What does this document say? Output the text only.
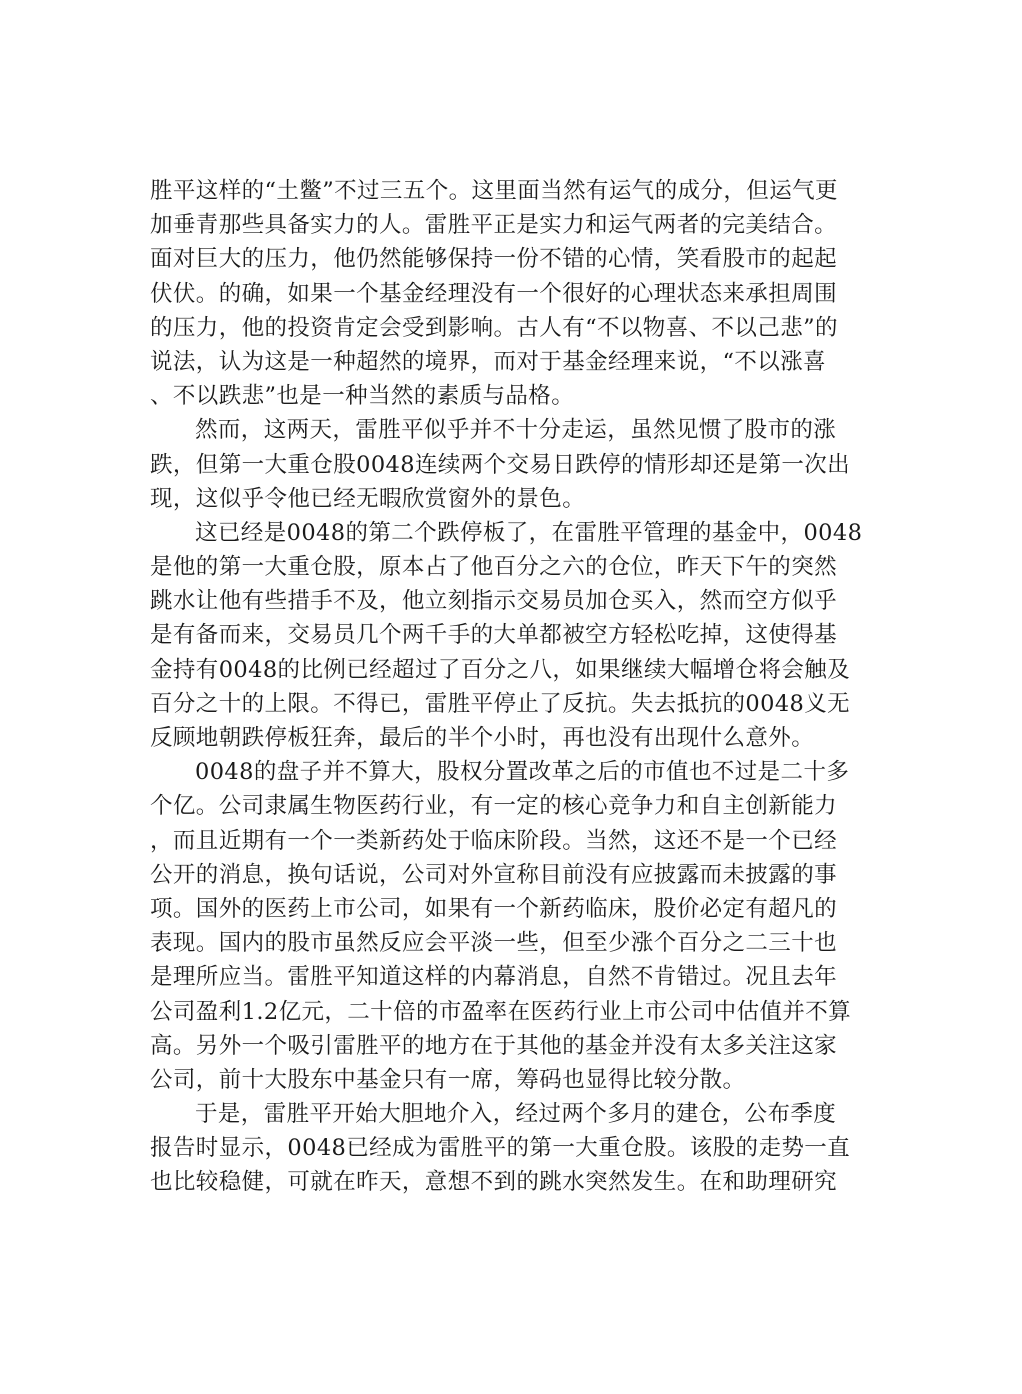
胜平这样的“土鳖”不过三五个。这里面当然有运气的成分，但运气更
加垂青那些具备实力的人。雷胜平正是实力和运气两者的完美结合。
面对巨大的压力，他仍然能够保持一份不错的心情，笑看股市的起起
伏伏。的确，如果一个基金经理没有一个很好的心理状态来承担周围
的压力，他的投资肯定会受到影响。古人有“不以物喜、不以己悲”的
说法，认为这是一种超然的境界，而对于基金经理来说，“不以涨喜
、不以跌悲”也是一种当然的素质与品格。
然而，这两天，雷胜平似乎并不十分走运，虽然见惯了股市的涨
跌，但第一大重仓股0048连续两个交易日跌停的情形却还是第一次出
现，这似乎令他已经无暇欣赏窗外的景色。
这已经是0048的第二个跌停板了，在雷胜平管理的基金中，0048
是他的第一大重仓股，原本占了他百分之六的仓位，昨天下午的突然
跳水让他有些措手不及，他立刻指示交易员加仓买入，然而空方似乎
是有备而来，交易员几个两千手的大单都被空方轻松吃掉，这使得基
金持有0048的比例已经超过了百分之八，如果继续大幅增仓将会触及
百分之十的上限。不得已，雷胜平停止了反抗。失去抵抗的0048义无
反顾地朝跌停板狂奔，最后的半个小时，再也没有出现什么意外。
0048的盘子并不算大，股权分置改革之后的市值也不过是二十多
个亿。公司隶属生物医药行业，有一定的核心竞争力和自主创新能力
，而且近期有一个一类新药处于临床阶段。当然，这还不是一个已经
公开的消息，换句话说，公司对外宣称目前没有应披露而未披露的事
项。国外的医药上市公司，如果有一个新药临床，股价必定有超凡的
表现。国内的股市虽然反应会平淡一些，但至少涨个百分之二三十也
是理所应当。雷胜平知道这样的内幕消息，自然不肯错过。况且去年
公司盈利1.2亿元，二十倍的市盈率在医药行业上市公司中估值并不算
高。另外一个吸引雷胜平的地方在于其他的基金并没有太多关注这家
公司，前十大股东中基金只有一席，筹码也显得比较分散。
于是，雷胜平开始大胆地介入，经过两个多月的建仓，公布季度
报告时显示，0048已经成为雷胜平的第一大重仓股。该股的走势一直
也比较稳健，可就在昨天，意想不到的跳水突然发生。在和助理研究
